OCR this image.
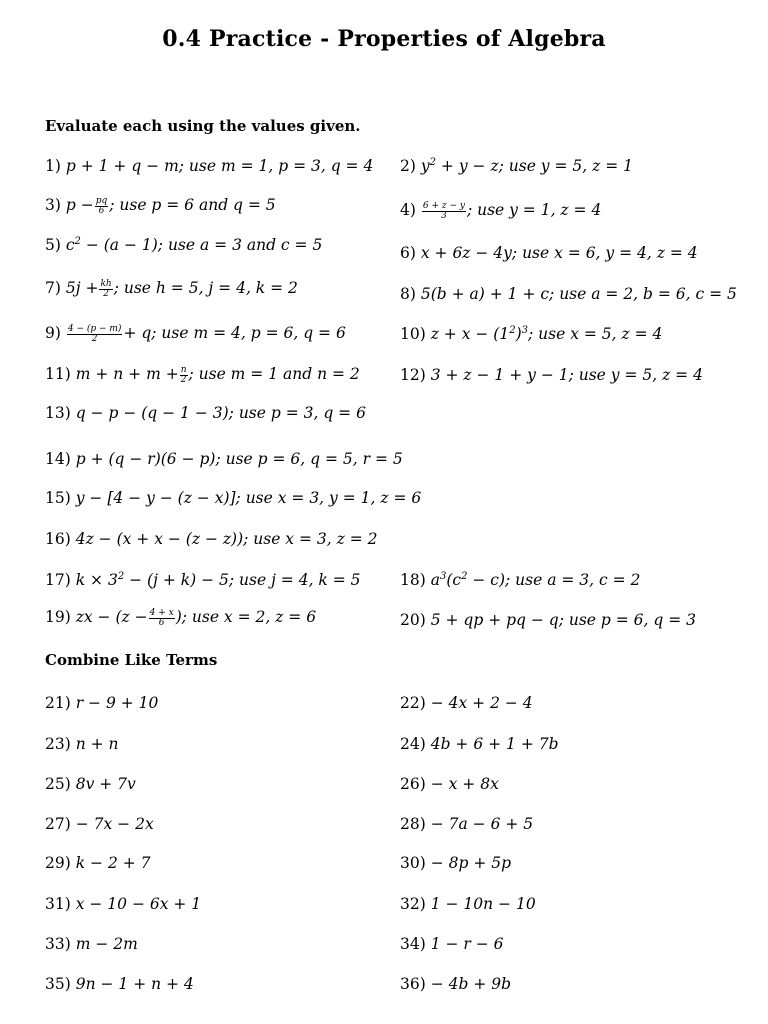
0.4 Practice - Properties of Algebra
Evaluate each using the values given.
1) p + 1 + q − m; use m = 1, p = 3, q = 4 2) $y^2 + y - z$; use y = 5, z = 1
3) $p - \frac{pq}{6}$ ; use p = 6 and q = 5	$4) \frac{6 + z - y}{3}$ ; use y = 1, z = 4
5) $c^2 - (a - 1)$; use a = 3 and c = 5	6) x + 6z − 4y; use x = 6, y = 4, z = 4
7) $5j + \frac{kh}{2}$ ; use h = 5, j = 4, k = 2	8) 5(b + a) + 1 + c; use a = 2, b = 6, c = 5
$9) \frac{4 - (p - m)}{2} + q$; use m = 4, p = 6, q = 6	10) $z + x - (1^2)^3$; use x = 5, z = 4
11) $m + n + m + \frac{n}{2}$ ; use m = 1 and n = 2	12) 3 + z − 1 + y − 1; use y = 5, z = 4
13) q − p − (q − 1 − 3); use p = 3, q = 6
14) p + (q − r)(6 − p); use p = 6, q = 5, r = 5
15) y − [4 − y − (z − x)]; use x = 3, y = 1, z = 6
16) 4z − (x + x − (z − z)); use x = 3, z = 2
17) $k \times 3^2 - (j + k) - 5$; use j = 4, k = 5	18) $a^3(c^2 - c)$; use a = 3, c = 2
19) zx − ($z - \frac{4 + x}{6}$ ); use x = 2, z = 6	20) 5 + qp + pq − q; use p = 6, q = 3
Combine Like Terms
21) r − 9 + 10	22) − 4x + 2 − 4
23) n + n	24) 4b + 6 + 1 + 7b
25) 8v + 7v	26) − x + 8x
27) − 7x − 2x	28) − 7a − 6 + 5
29) k − 2 + 7	30) − 8p + 5p
31) x − 10 − 6x + 1	32) 1 − 10n − 10
33) m − 2m	34) 1 − r − 6
35) 9n − 1 + n + 4	36) − 4b + 9b
